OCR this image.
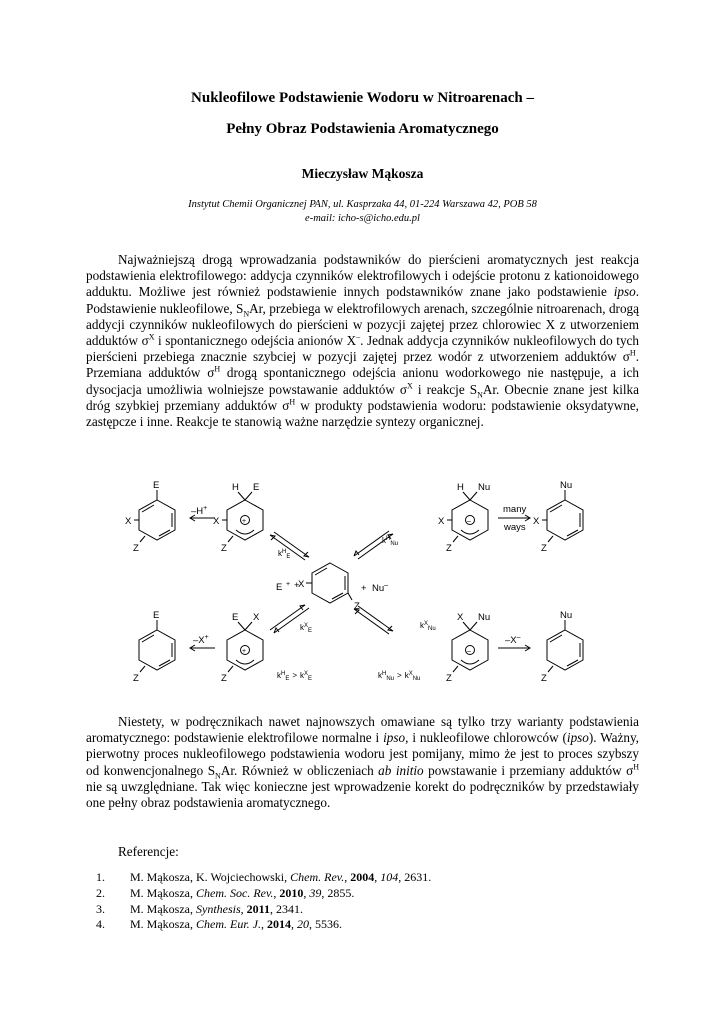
Nukleofilowe Podstawienie Wodoru w Nitroarenach –
Pełny Obraz Podstawienia Aromatycznego
Mieczysław Mąkosza
Instytut Chemii Organicznej PAN, ul. Kasprzaka 44, 01-224 Warszawa 42, POB 58
e-mail: icho-s@icho.edu.pl
Najważniejszą drogą wprowadzania podstawników do pierścieni aromatycznych jest reakcja podstawienia elektrofilowego: addycja czynników elektrofilowych i odejście protonu z kationoidowego adduktu. Możliwe jest również podstawienie innych podstawników znane jako podstawienie ipso. Podstawienie nukleofilowe, $S_NAr$, przebiega w elektrofilowych arenach, szczególnie nitroarenach, drogą addycji czynników nukleofilowych do pierścieni w pozycji zajętej przez chlorowiec X z utworzeniem adduktów $\sigma^X$ i spontanicznego odejścia anionów X–. Jednak addycja czynników nukleofilowych do tych pierścieni przebiega znacznie szybciej w pozycji zajętej przez wodór z utworzeniem adduktów $\sigma^H$. Przemiana adduktów $\sigma^H$ drogą spontanicznego odejścia anionu wodorkowego nie następuje, a ich dysocjacja umożliwia wolniejsze powstawanie adduktów $\sigma^X$ i reakcje $S_NAr$. Obecnie znane jest kilka dróg szybkiej przemiany adduktów $\sigma^H$ w produkty podstawienia wodoru: podstawienie oksydatywne, zastępcze i inne. Reakcje te stanowią ważne narzędzie syntezy organicznej.
E
X
Z
–H+
H E
X
Z
+
$k^H_E$
E + +
X
Z
+ Nu–
$k^H_{Nu}$
H Nu
X
Z
–
many
ways
Nu
X
Z
E
Z
–X+
E X
Z
+
$k^X_E$
$k^H_E > k^X_E$
$k^X_{Nu}$
$k^H_{Nu} > k^X_{Nu}$
X Nu
Z
–
–X–
Nu
Z
Niestety, w podręcznikach nawet najnowszych omawiane są tylko trzy warianty podstawienia aromatycznego: podstawienie elektrofilowe normalne i ipso, i nukleofilowe chlorowców (ipso). Ważny, pierwotny proces nukleofilowego podstawienia wodoru jest pomijany, mimo że jest to proces szybszy od konwencjonalnego $S_NAr$. Również w obliczeniach ab initio powstawanie i przemiany adduktów $\sigma^H$ nie są uwzględniane. Tak więc konieczne jest wprowadzenie korekt do podręczników by przedstawiały one pełny obraz podstawienia aromatycznego.
Referencje:
1.	M. Mąkosza, K. Wojciechowski, Chem. Rev., 2004, 104, 2631.
2.	M. Mąkosza, Chem. Soc. Rev., 2010, 39, 2855.
3.	M. Mąkosza, Synthesis, 2011, 2341.
4.	M. Mąkosza, Chem. Eur. J., 2014, 20, 5536.
